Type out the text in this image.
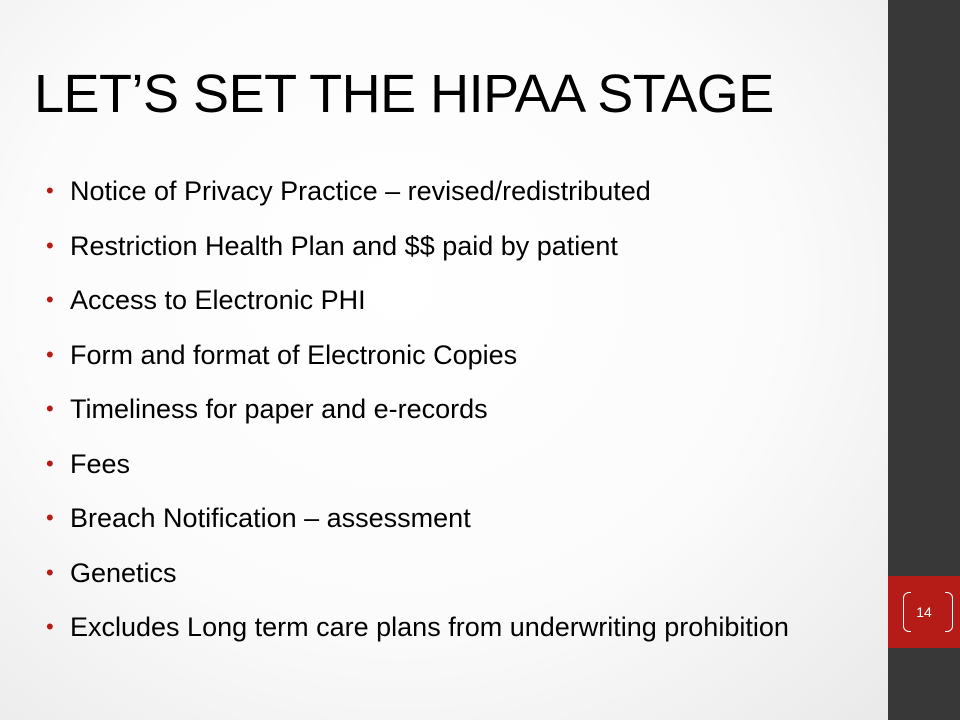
LET’S SET THE HIPAA STAGE
• Notice of Privacy Practice – revised/redistributed
• Restriction Health Plan and $$ paid by patient
• Access to Electronic PHI
• Form and format of Electronic Copies
• Timeliness for paper and e-records
• Fees
• Breach Notification – assessment
• Genetics
• Excludes Long term care plans from underwriting prohibition	14
